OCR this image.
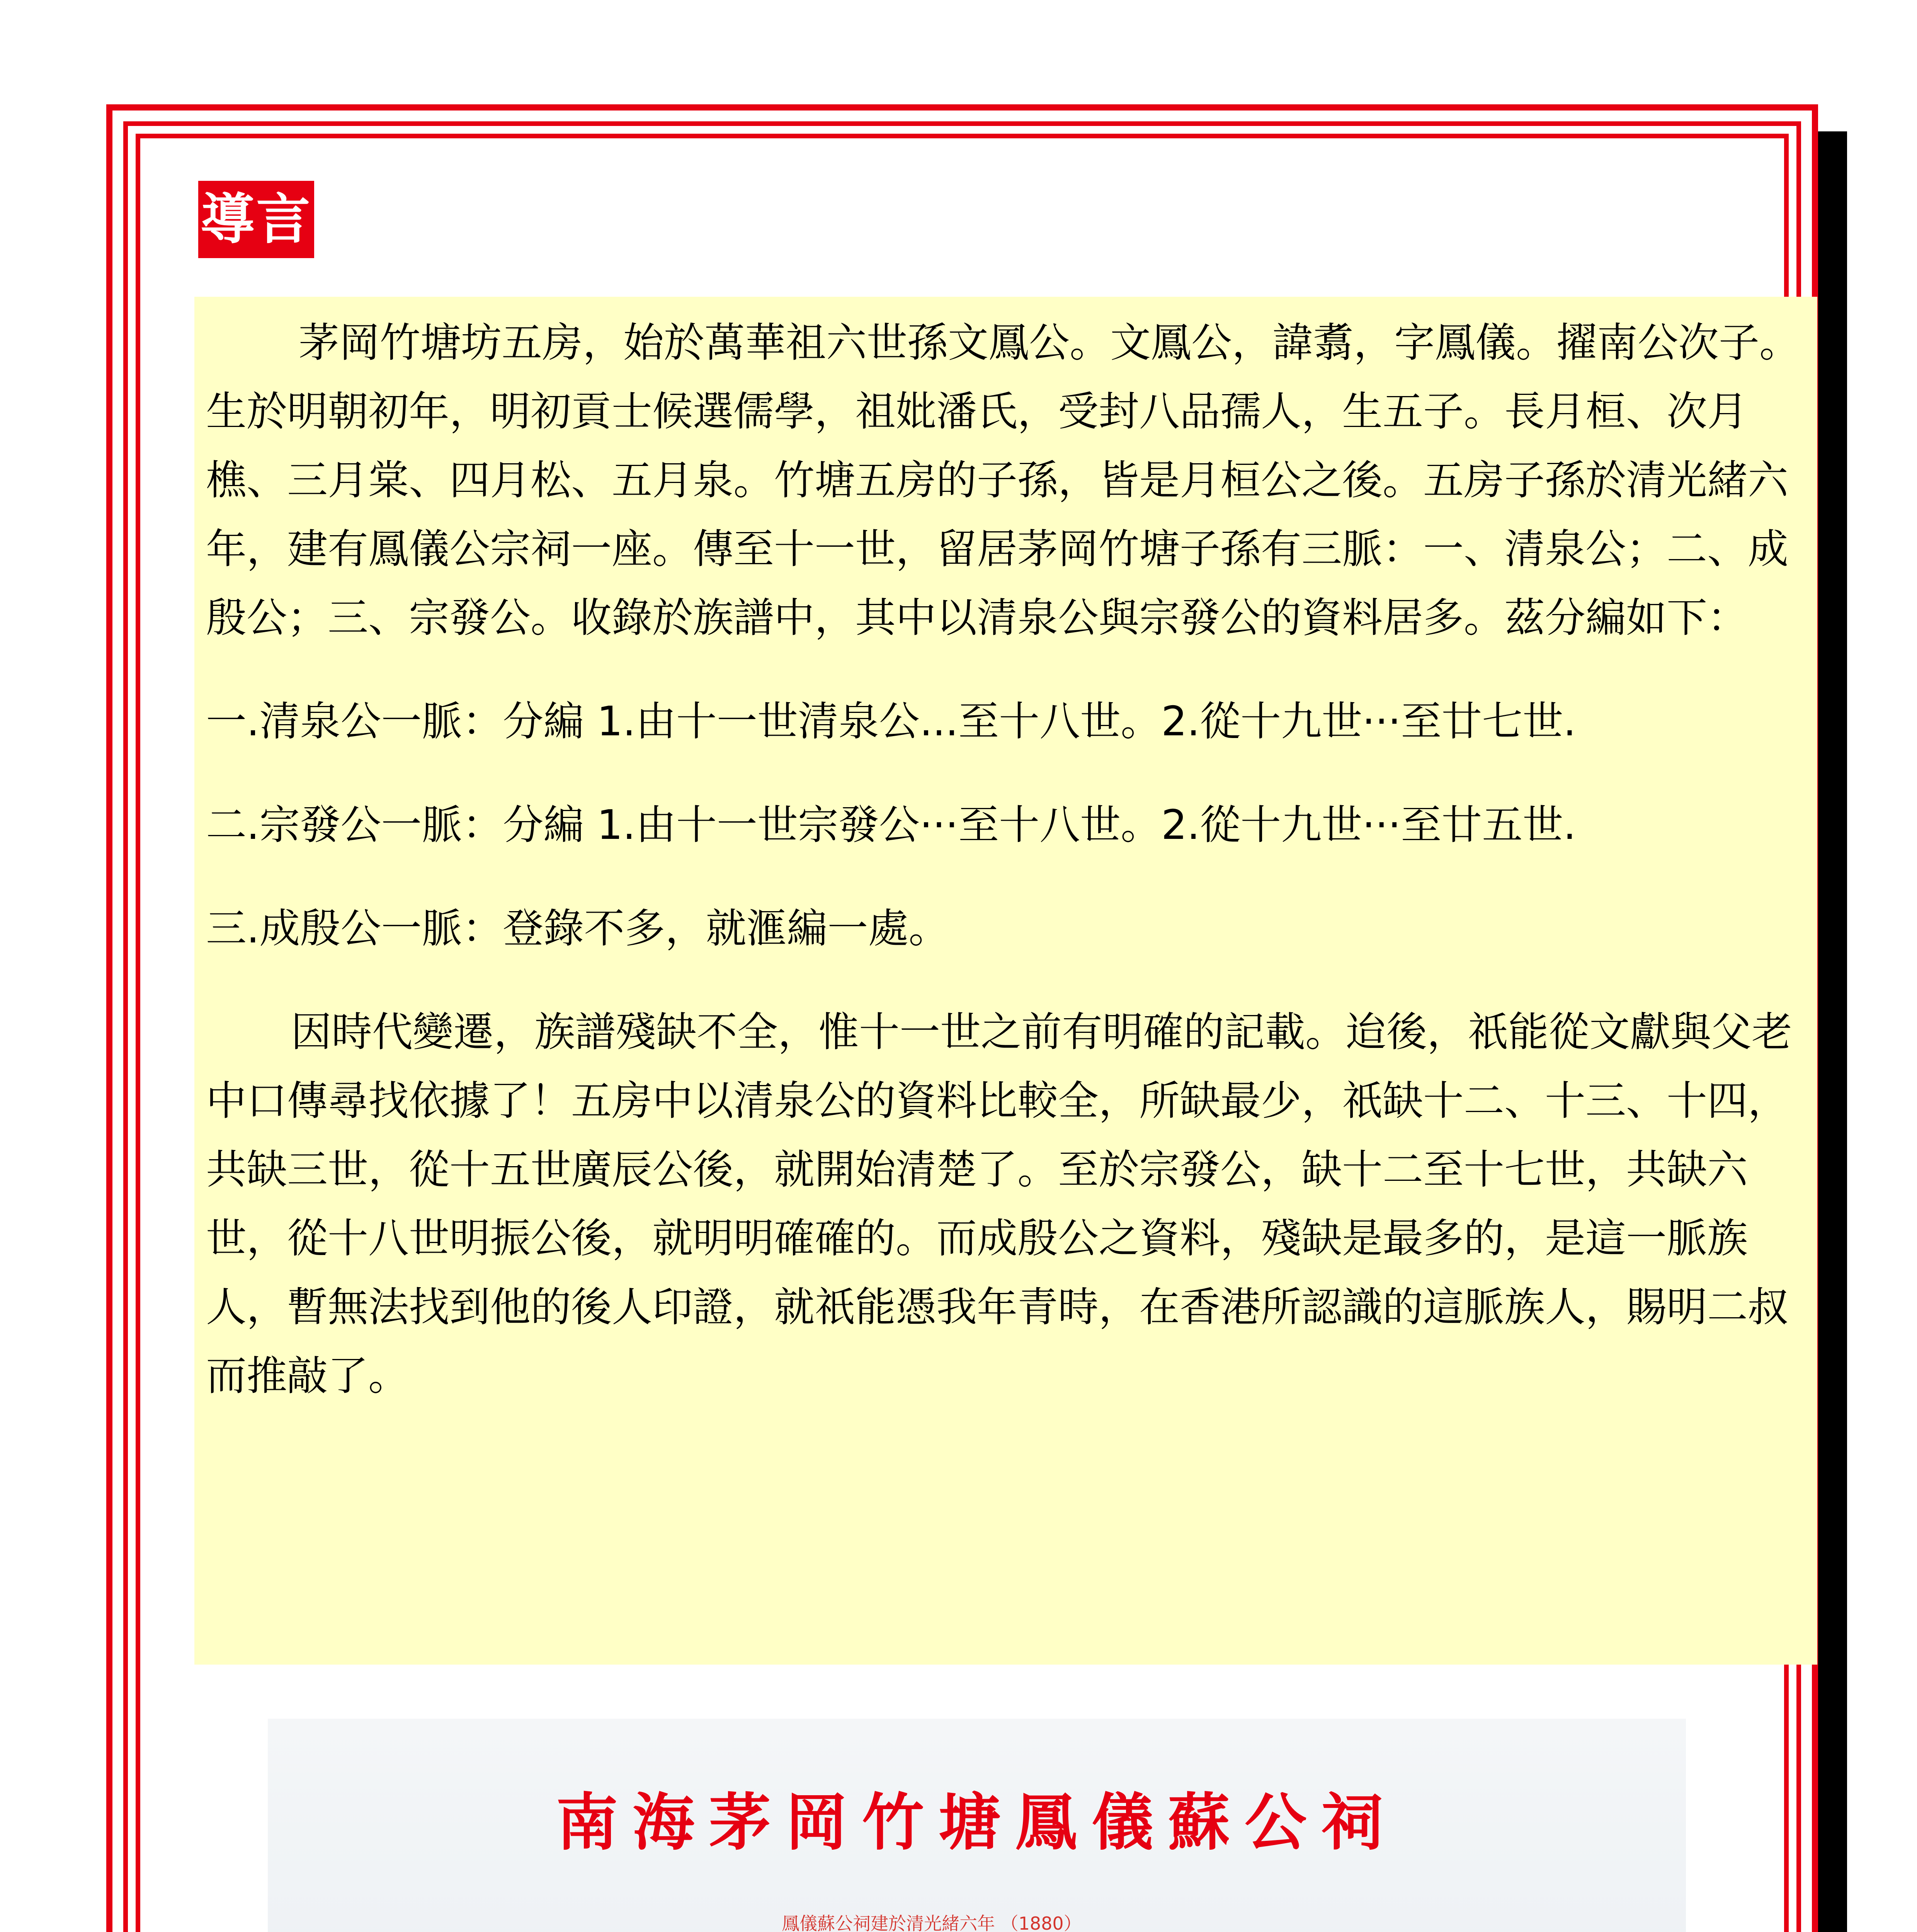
導言

茅岡竹塘坊五房，始於萬華祖六世孫文鳳公。文鳳公，諱翥，字鳳儀。擢南公次子。生於明朝初年，明初貢士候選儒學，祖妣潘氏，受封八品孺人，生五子。長月桓、次月樵、三月棠、四月松、五月泉。竹塘五房的子孫，皆是月桓公之後。五房子孫於清光緒六年，建有鳳儀公宗祠一座。傳至十一世，留居茅岡竹塘子孫有三脈：一、清泉公；二、成殷公；三、宗發公。收錄於族譜中，其中以清泉公與宗發公的資料居多。茲分編如下：

一.清泉公一脈：分編 1.由十一世清泉公...至十八世。2.從十九世···至廿七世.

二.宗發公一脈：分編 1.由十一世宗發公···至十八世。2.從十九世···至廿五世.

三.成殷公一脈：登錄不多，就滙編一處。

因時代變遷，族譜殘缺不全，惟十一世之前有明確的記載。迨後，祇能從文獻與父老中口傳尋找依據了！五房中以清泉公的資料比較全，所缺最少，祇缺十二、十三、十四，共缺三世，從十五世廣辰公後，就開始清楚了。至於宗發公，缺十二至十七世，共缺六世，從十八世明振公後，就明明確確的。而成殷公之資料，殘缺是最多的，是這一脈族人，暫無法找到他的後人印證，就祇能憑我年青時，在香港所認識的這脈族人，賜明二叔而推敲了。

南海茅岡竹塘鳳儀蘇公祠
鳳儀蘇公祠建於清光緒六年 （1880）
